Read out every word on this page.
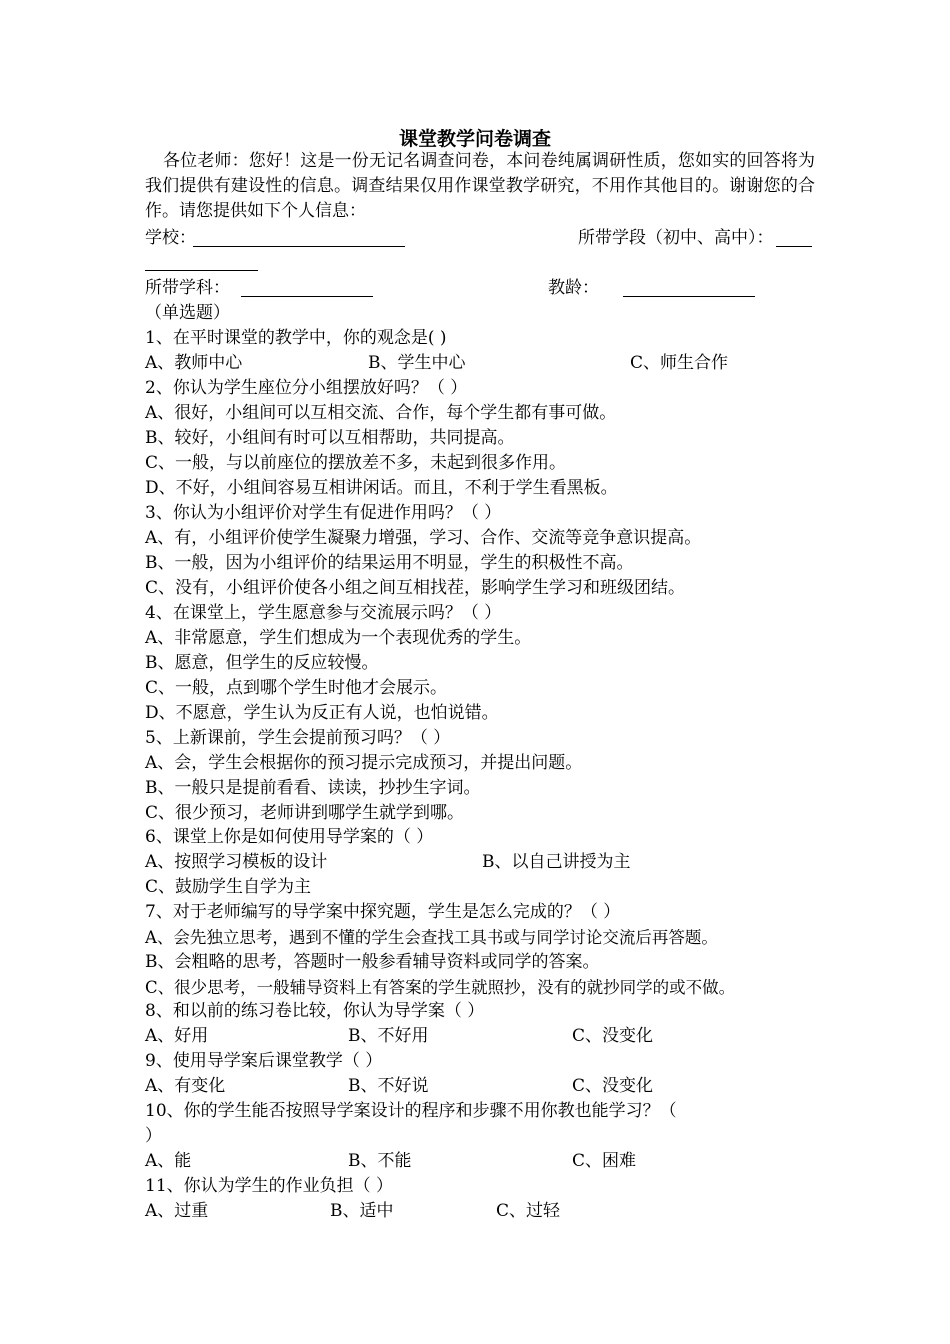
课堂教学问卷调查
各位老师：您好！这是一份无记名调查问卷，本问卷纯属调研性质，您如实的回答将为我们提供有建设性的信息。调查结果仅用作课堂教学研究，不用作其他目的。谢谢您的合作。请您提供如下个人信息：
学校：	所带学段（初中、高中）：
所带学科：	教龄：
（单选题）
1、在平时课堂的教学中，你的观念是( )
A、教师中心	B、学生中心	C、师生合作
2、你认为学生座位分小组摆放好吗？（ ）
A、很好，小组间可以互相交流、合作，每个学生都有事可做。
B、较好，小组间有时可以互相帮助，共同提高。
C、一般，与以前座位的摆放差不多，未起到很多作用。
D、不好，小组间容易互相讲闲话。而且，不利于学生看黑板。
3、你认为小组评价对学生有促进作用吗？（ ）
A、有，小组评价使学生凝聚力增强，学习、合作、交流等竞争意识提高。
B、一般，因为小组评价的结果运用不明显，学生的积极性不高。
C、没有，小组评价使各小组之间互相找茬，影响学生学习和班级团结。
4、在课堂上，学生愿意参与交流展示吗？（ ）
A、非常愿意，学生们想成为一个表现优秀的学生。
B、愿意，但学生的反应较慢。
C、一般，点到哪个学生时他才会展示。
D、不愿意，学生认为反正有人说，也怕说错。
5、上新课前，学生会提前预习吗？（ ）
A、会，学生会根据你的预习提示完成预习，并提出问题。
B、一般只是提前看看、读读，抄抄生字词。
C、很少预习，老师讲到哪学生就学到哪。
6、课堂上你是如何使用导学案的（ ）
A、按照学习模板的设计	B、以自己讲授为主
C、鼓励学生自学为主
7、对于老师编写的导学案中探究题，学生是怎么完成的？（ ）
A、会先独立思考，遇到不懂的学生会查找工具书或与同学讨论交流后再答题。
B、会粗略的思考，答题时一般参看辅导资料或同学的答案。
C、很少思考，一般辅导资料上有答案的学生就照抄，没有的就抄同学的或不做。
8、和以前的练习卷比较，你认为导学案（ ）
A、好用	B、不好用	C、没变化
9、使用导学案后课堂教学（ ）
A、有变化	B、不好说	C、没变化
10、你的学生能否按照导学案设计的程序和步骤不用你教也能学习？（
）
A、能	B、不能	C、困难
11、你认为学生的作业负担（ ）
A、过重	B、适中	C、过轻
